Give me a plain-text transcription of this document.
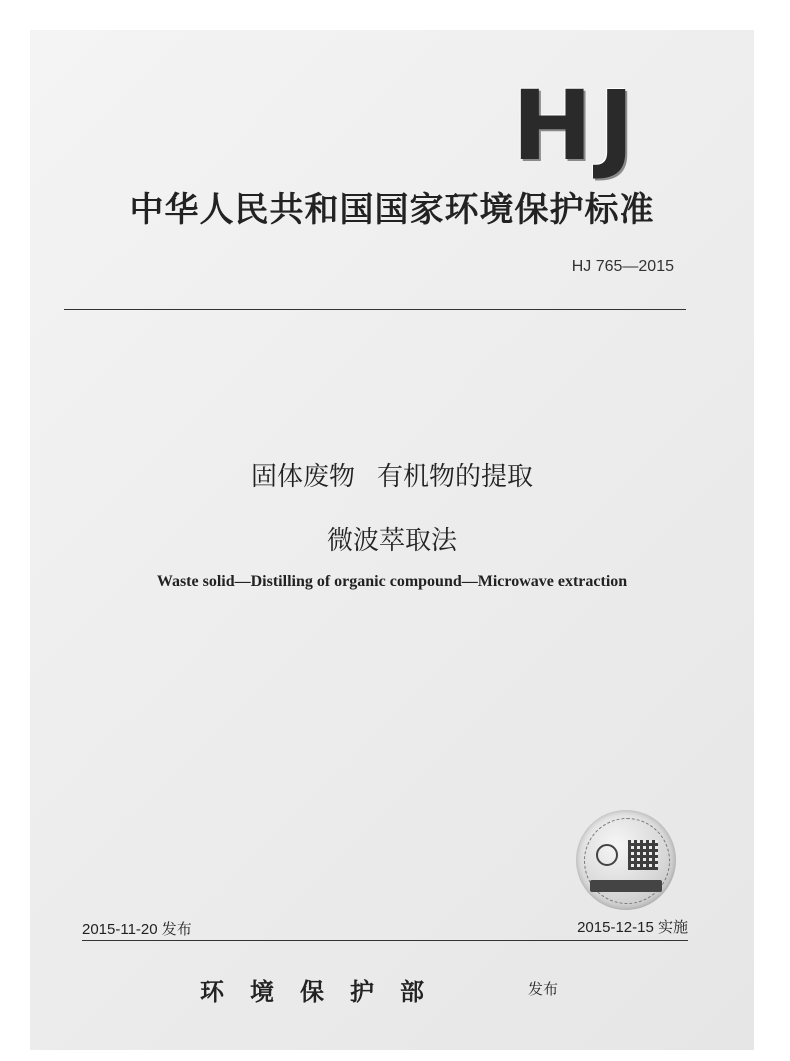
HJ
中华人民共和国国家环境保护标准
HJ 765—2015
固体废物 有机物的提取
微波萃取法
Waste solid—Distilling of organic compound—Microwave extraction
2015-11-20 发布	2015-12-15 实施
环境保护部	发布
